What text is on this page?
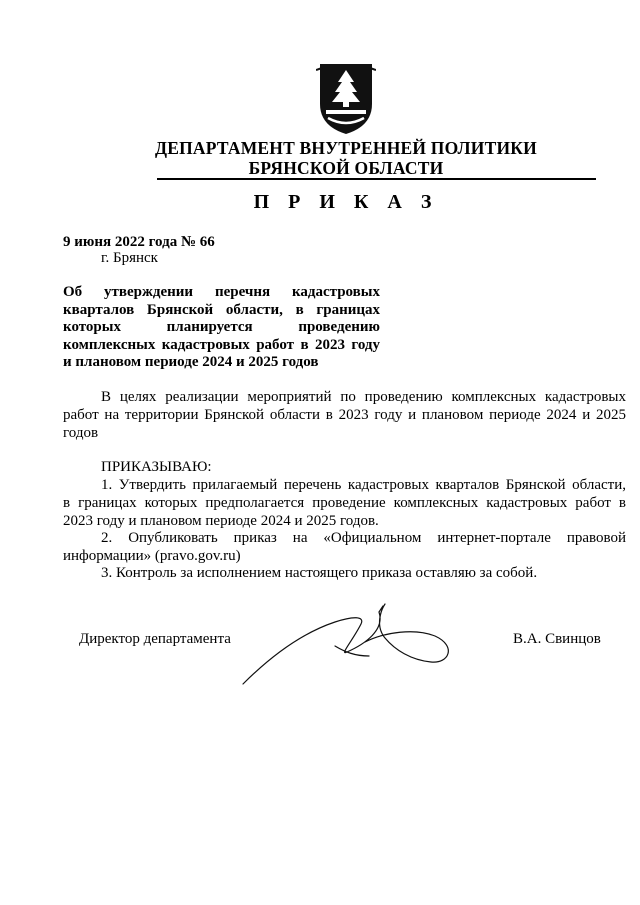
ДЕПАРТАМЕНТ ВНУТРЕННЕЙ ПОЛИТИКИ
БРЯНСКОЙ ОБЛАСТИ
П Р И К А З
9 июня 2022 года № 66
г. Брянск
Об утверждении перечня кадастровых
кварталов Брянской области, в границах
которых планируется проведению
комплексных кадастровых работ в 2023 году
и плановом периоде 2024 и 2025 годов
В целях реализации мероприятий по проведению комплексных кадастровых
работ на территории Брянской области в 2023 году и плановом периоде 2024 и 2025
годов
ПРИКАЗЫВАЮ:
1. Утвердить прилагаемый перечень кадастровых кварталов Брянской области,
в границах которых предполагается проведение комплексных кадастровых работ в
2023 году и плановом периоде 2024 и 2025 годов.
2. Опубликовать приказ на «Официальном интернет-портале правовой
информации» (pravo.gov.ru)
3. Контроль за исполнением настоящего приказа оставляю за собой.
Директор департамента	В.А. Свинцов
